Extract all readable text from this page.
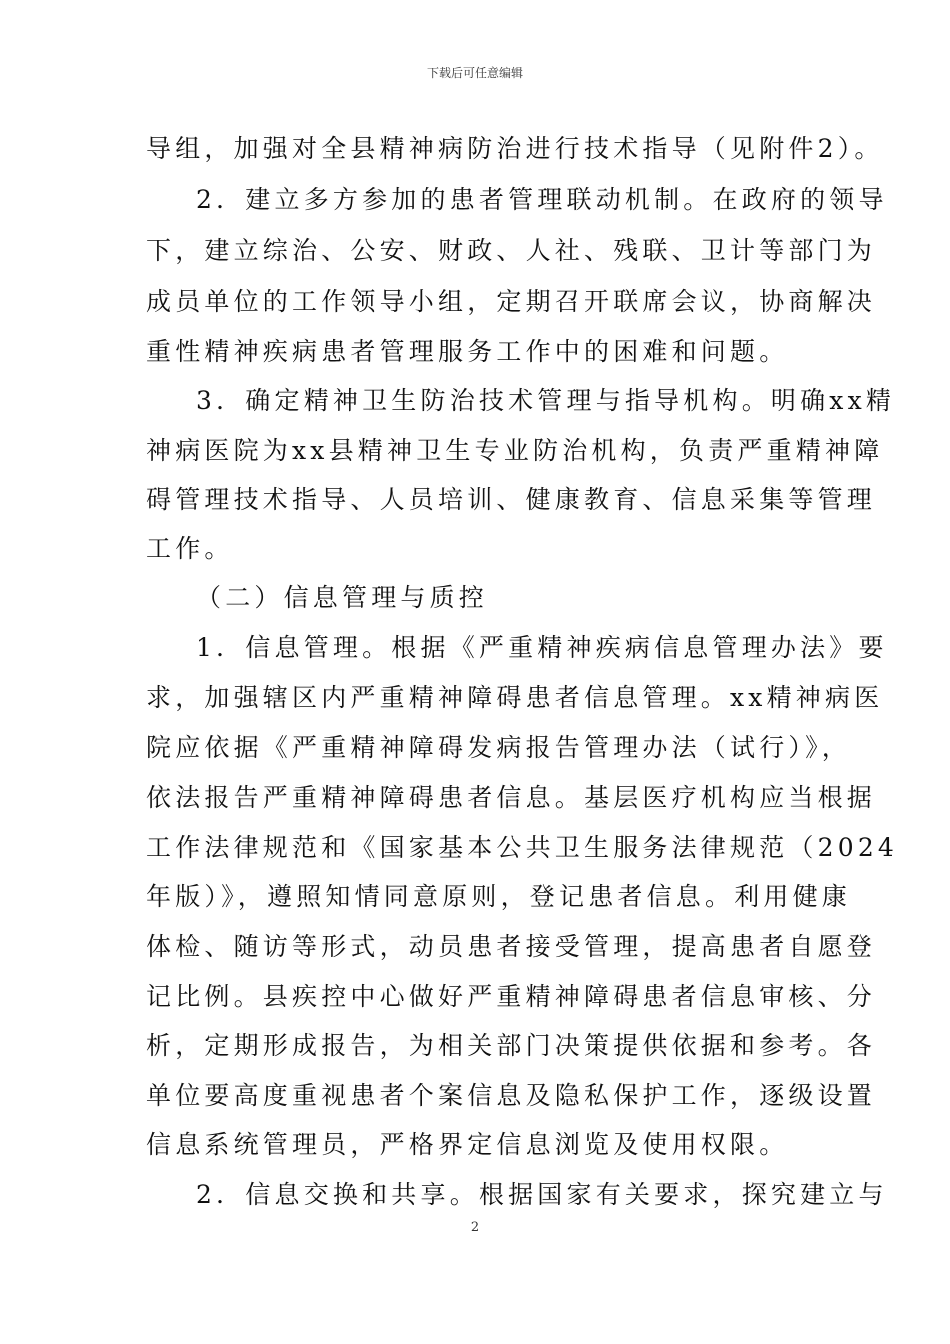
下载后可任意编辑
导组，加强对全县精神病防治进行技术指导（见附件2）。
2．建立多方参加的患者管理联动机制。在政府的领导
下，建立综治、公安、财政、人社、残联、卫计等部门为
成员单位的工作领导小组，定期召开联席会议，协商解决
重性精神疾病患者管理服务工作中的困难和问题。
3．确定精神卫生防治技术管理与指导机构。明确xx精
神病医院为xx县精神卫生专业防治机构，负责严重精神障
碍管理技术指导、人员培训、健康教育、信息采集等管理
工作。
（二）信息管理与质控
1．信息管理。根据《严重精神疾病信息管理办法》要
求，加强辖区内严重精神障碍患者信息管理。xx精神病医
院应依据《严重精神障碍发病报告管理办法（试行）》，
依法报告严重精神障碍患者信息。基层医疗机构应当根据
工作法律规范和《国家基本公共卫生服务法律规范（2024
年版）》，遵照知情同意原则，登记患者信息。利用健康
体检、随访等形式，动员患者接受管理，提高患者自愿登
记比例。县疾控中心做好严重精神障碍患者信息审核、分
析，定期形成报告，为相关部门决策提供依据和参考。各
单位要高度重视患者个案信息及隐私保护工作，逐级设置
信息系统管理员，严格界定信息浏览及使用权限。
2．信息交换和共享。根据国家有关要求，探究建立与
2
